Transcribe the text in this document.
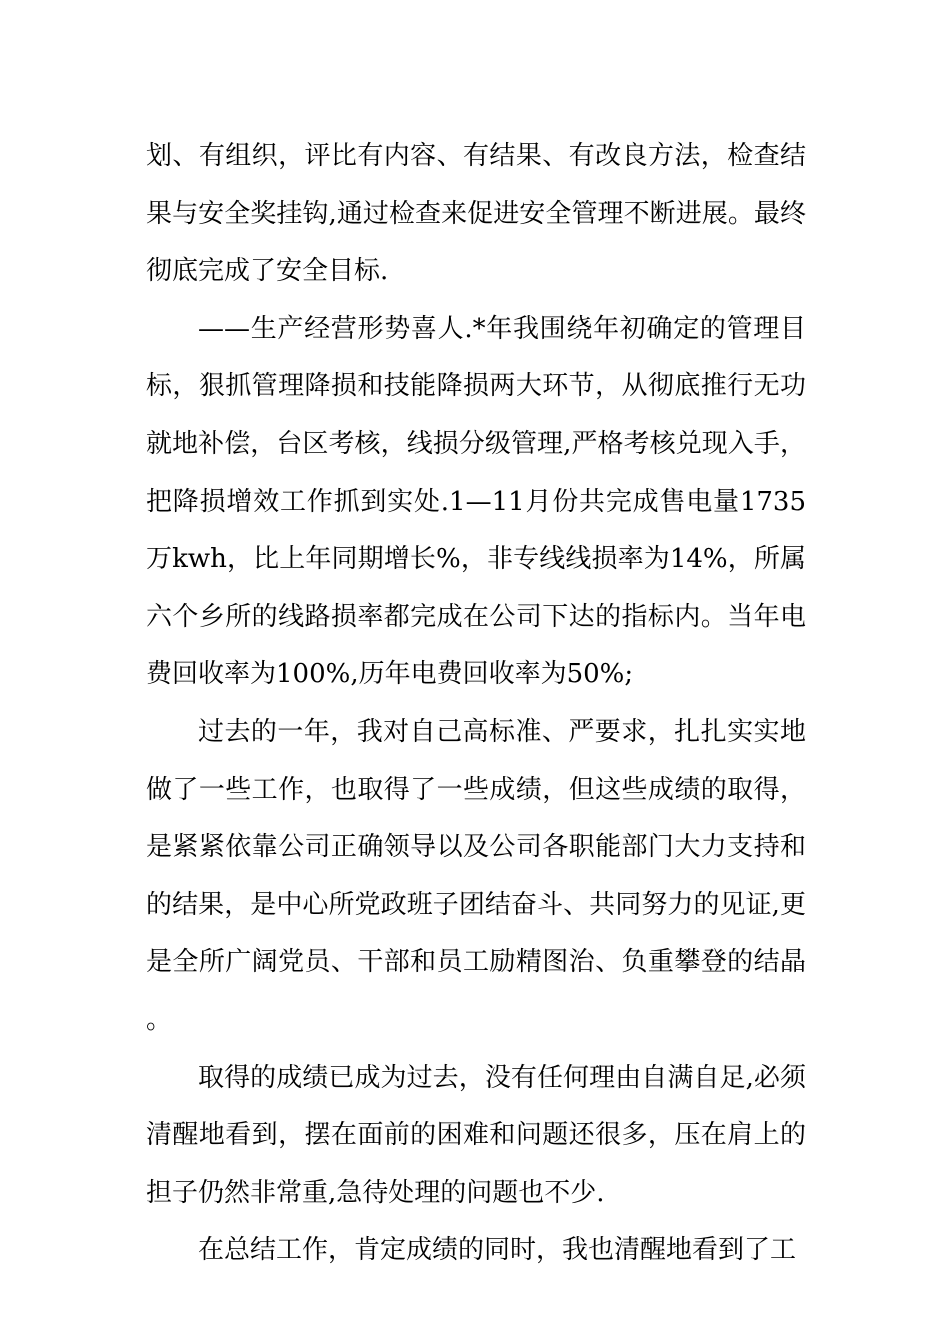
划、有组织，评比有内容、有结果、有改良方法，检查结果与安全奖挂钩,通过检查来促进安全管理不断进展。最终彻底完成了安全目标.

——生产经营形势喜人.*年我围绕年初确定的管理目标，狠抓管理降损和技能降损两大环节，从彻底推行无功就地补偿，台区考核，线损分级管理,严格考核兑现入手，把降损增效工作抓到实处.1—11月份共完成售电量1735万kwh，比上年同期增长%，非专线线损率为14%，所属六个乡所的线路损率都完成在公司下达的指标内。当年电费回收率为100%,历年电费回收率为50%;

过去的一年，我对自己高标准、严要求，扎扎实实地做了一些工作，也取得了一些成绩，但这些成绩的取得，是紧紧依靠公司正确领导以及公司各职能部门大力支持和的结果，是中心所党政班子团结奋斗、共同努力的见证,更是全所广阔党员、干部和员工励精图治、负重攀登的结晶。

取得的成绩已成为过去，没有任何理由自满自足,必须清醒地看到，摆在面前的困难和问题还很多，压在肩上的担子仍然非常重,急待处理的问题也不少.

在总结工作，肯定成绩的同时，我也清醒地看到了工
